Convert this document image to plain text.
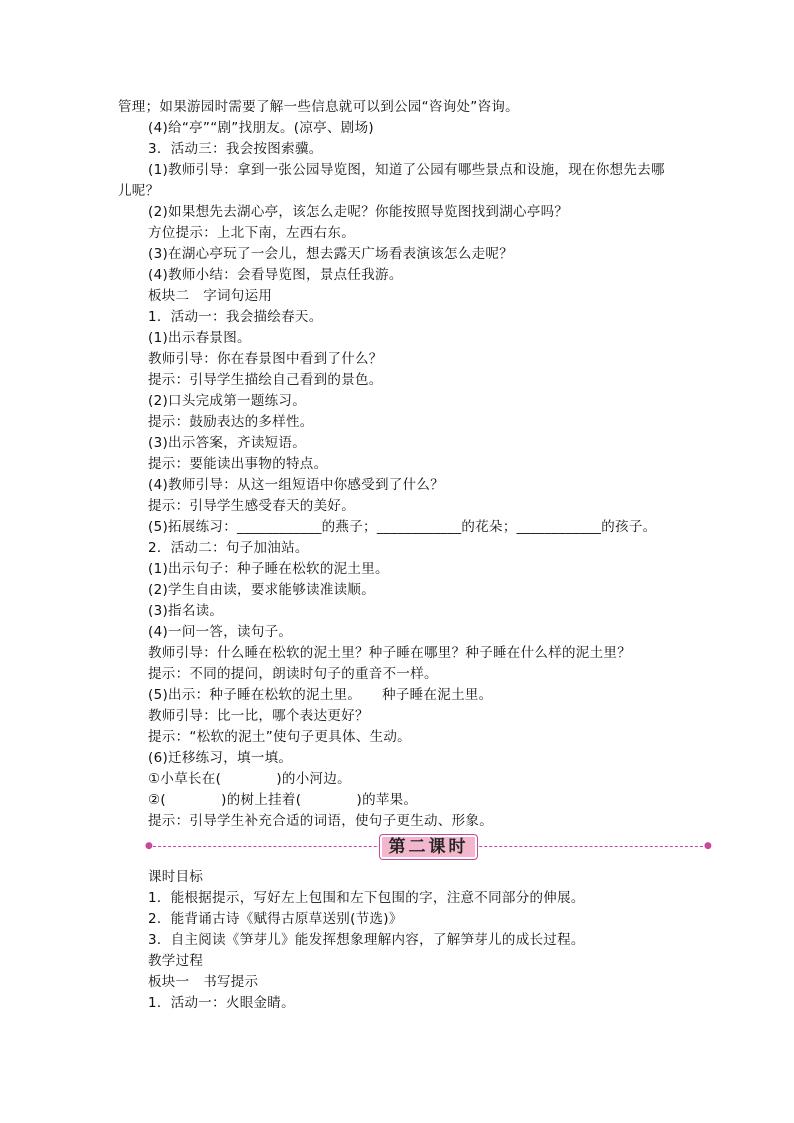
管理；如果游园时需要了解一些信息就可以到公园“咨询处”咨询。
(4)给“亭”“剧”找朋友。(凉亭、剧场)
3．活动三：我会按图索骥。
(1)教师引导：拿到一张公园导览图，知道了公园有哪些景点和设施，现在你想先去哪
儿呢？
(2)如果想先去湖心亭，该怎么走呢？你能按照导览图找到湖心亭吗？
方位提示：上北下南，左西右东。
(3)在湖心亭玩了一会儿，想去露天广场看表演该怎么走呢？
(4)教师小结：会看导览图，景点任我游。
板块二　字词句运用
1．活动一：我会描绘春天。
(1)出示春景图。
教师引导：你在春景图中看到了什么？
提示：引导学生描绘自己看到的景色。
(2)口头完成第一题练习。
提示：鼓励表达的多样性。
(3)出示答案，齐读短语。
提示：要能读出事物的特点。
(4)教师引导：从这一组短语中你感受到了什么？
提示：引导学生感受春天的美好。
(5)拓展练习：____________的燕子；____________的花朵；____________的孩子。
2．活动二：句子加油站。
(1)出示句子：种子睡在松软的泥土里。
(2)学生自由读，要求能够读准读顺。
(3)指名读。
(4)一问一答，读句子。
教师引导：什么睡在松软的泥土里？种子睡在哪里？种子睡在什么样的泥土里？
提示：不同的提问，朗读时句子的重音不一样。
(5)出示：种子睡在松软的泥土里。　　种子睡在泥土里。
教师引导：比一比，哪个表达更好？
提示：“松软的泥土”使句子更具体、生动。
(6)迁移练习，填一填。
①小草长在(　　　　)的小河边。
②(　　　　)的树上挂着(　　　　)的苹果。
提示：引导学生补充合适的词语，使句子更生动、形象。
●	●
第二课时
课时目标
1．能根据提示，写好左上包围和左下包围的字，注意不同部分的伸展。
2．能背诵古诗《赋得古原草送别(节选)》
3．自主阅读《笋芽儿》能发挥想象理解内容，了解笋芽儿的成长过程。
教学过程
板块一　书写提示
1．活动一：火眼金睛。
